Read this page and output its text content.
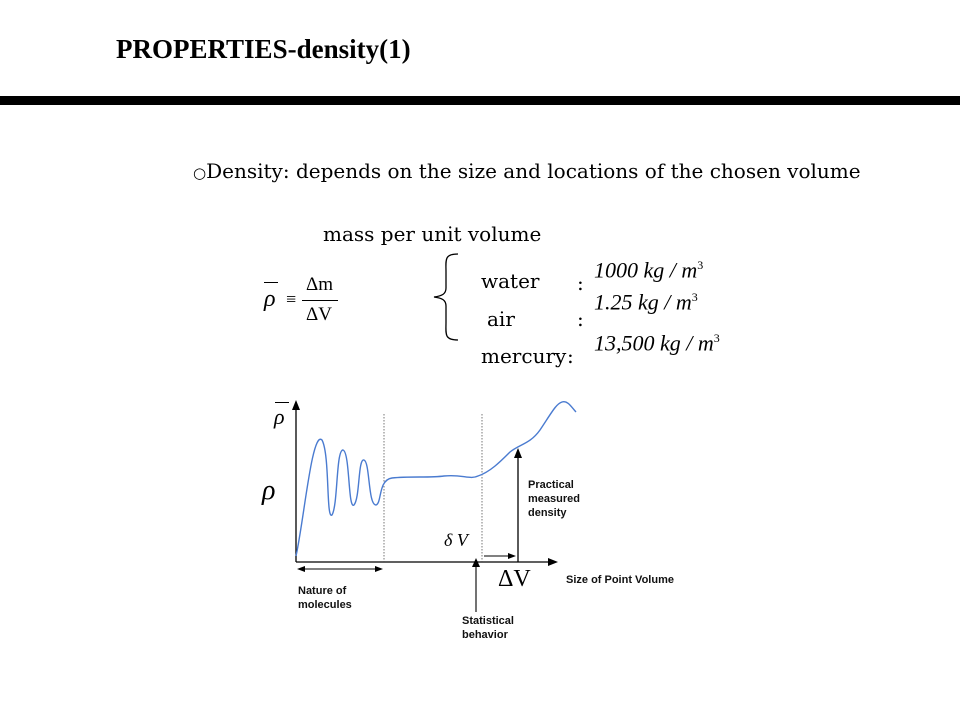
PROPERTIES-density(1)
○Density: depends on the size and locations of the chosen volume
mass per unit volume
ρ ≡
Δm
ΔV
water :
1000 kg / $m^3$
air	:
1.25 kg / $m^3$
mercury :
13,500 kg / $m^3$
ρ
ρ
δ V
ΔV
Practical
measured
density
Size of Point Volume
Nature of
molecules
Statistical
behavior
